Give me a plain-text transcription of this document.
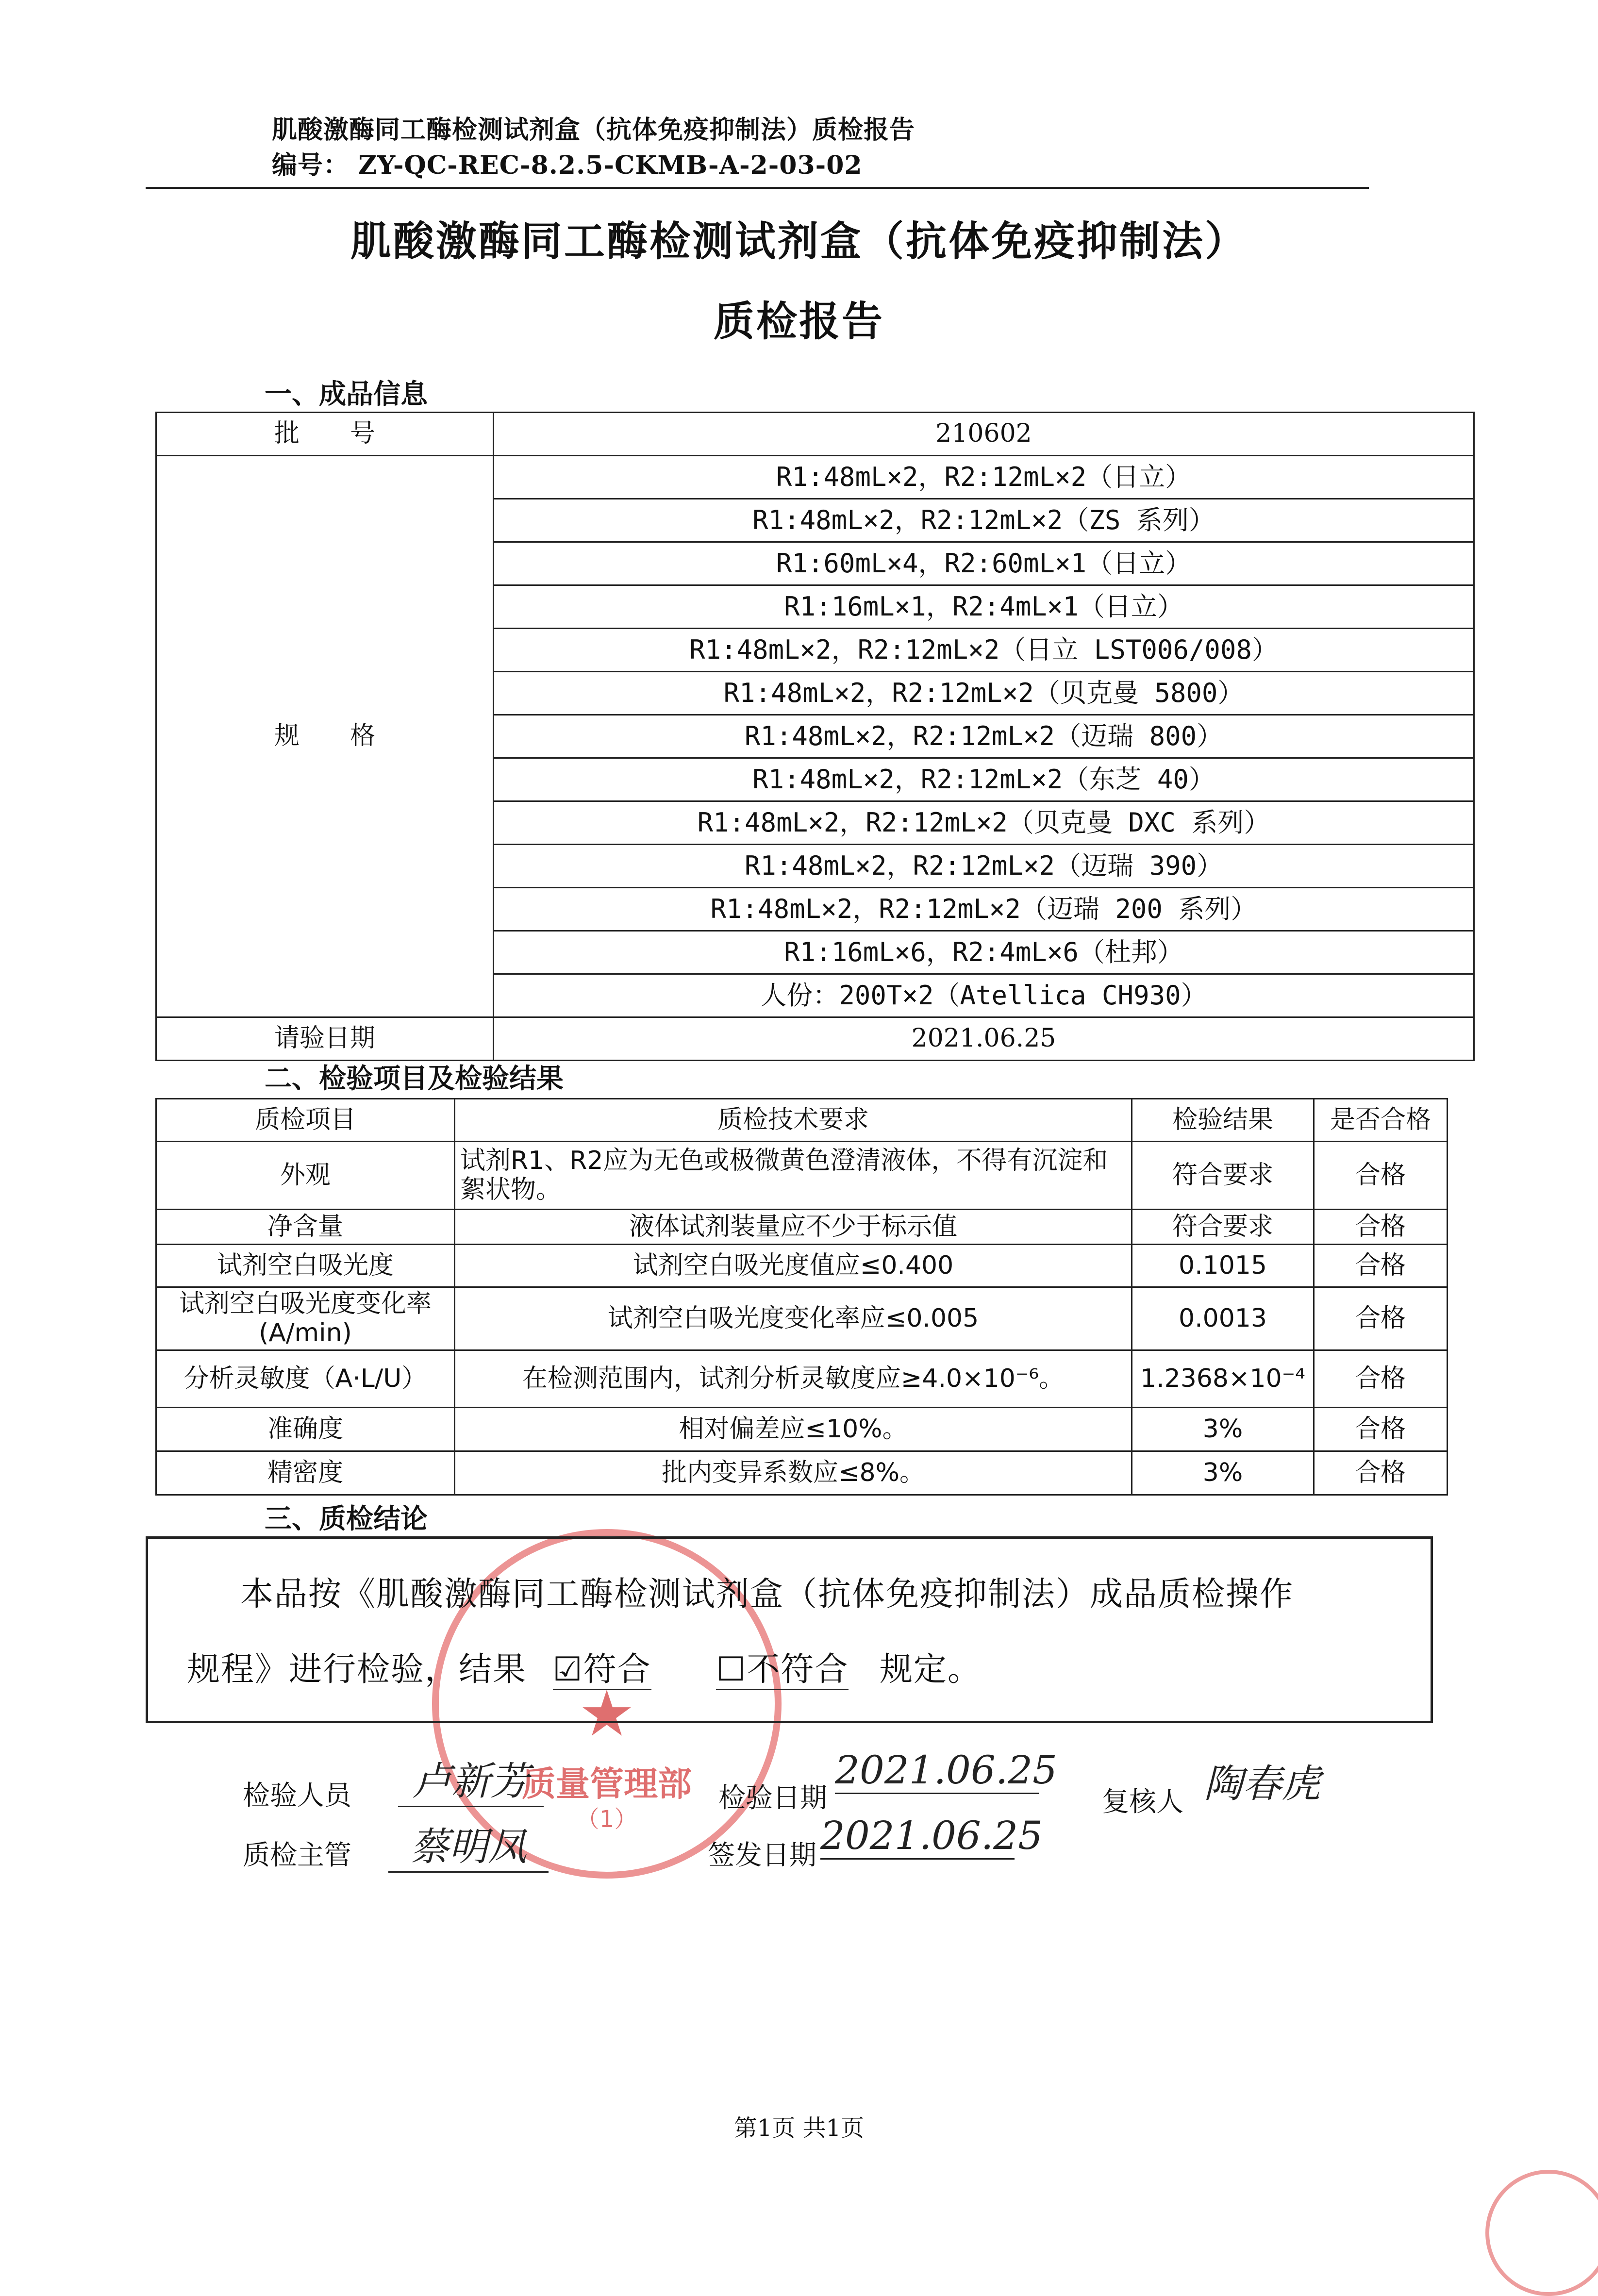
肌酸激酶同工酶检测试剂盒（抗体免疫抑制法）质检报告
编号： ZY-QC-REC-8.2.5-CKMB-A-2-03-02
肌酸激酶同工酶检测试剂盒（抗体免疫抑制法）
质检报告
一、成品信息
批　　号	210602
规　　格	R1:48mL×2，R2:12mL×2（日立）
	R1:48mL×2，R2:12mL×2（ZS 系列）
	R1:60mL×4，R2:60mL×1（日立）
	R1:16mL×1，R2:4mL×1（日立）
	R1:48mL×2，R2:12mL×2（日立 LST006/008）
	R1:48mL×2，R2:12mL×2（贝克曼 5800）
	R1:48mL×2，R2:12mL×2（迈瑞 800）
	R1:48mL×2，R2:12mL×2（东芝 40）
	R1:48mL×2，R2:12mL×2（贝克曼 DXC 系列）
	R1:48mL×2，R2:12mL×2（迈瑞 390）
	R1:48mL×2，R2:12mL×2（迈瑞 200 系列）
	R1:16mL×6，R2:4mL×6（杜邦）
	人份：200T×2（Atellica CH930）
请验日期	2021.06.25
二、检验项目及检验结果
质检项目	质检技术要求	检验结果	是否合格
外观	试剂R1、R2应为无色或极微黄色澄清液体，不得有沉淀和絮状物。	符合要求	合格
净含量	液体试剂装量应不少于标示值	符合要求	合格
试剂空白吸光度	试剂空白吸光度值应≤0.400	0.1015	合格
试剂空白吸光度变化率(A/min)	试剂空白吸光度变化率应≤0.005	0.0013	合格
分析灵敏度（A·L/U）	在检测范围内，试剂分析灵敏度应≥4.0×10⁻⁶。	1.2368×10⁻⁴	合格
准确度	相对偏差应≤10%。	3%	合格
精密度	批内变异系数应≤8%。	3%	合格
三、质检结论
★
质量管理部
（1）
本品按《肌酸激酶同工酶检测试剂盒（抗体免疫抑制法）成品质检操作
规程》进行检验，结果 ☑符合 ☐不符合 规定。
检验人员	卢新芳	检验日期
2021.06.25
复核人 陶春虎
质检主管	蔡明凤	签发日期 2021.06.25
第1页 共1页
